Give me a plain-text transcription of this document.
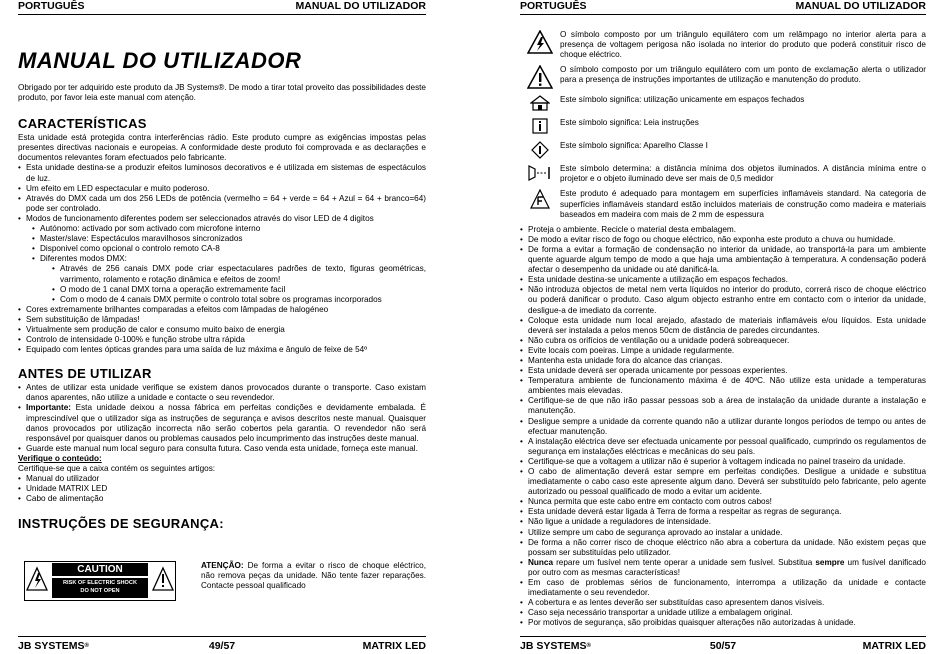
PORTUGUÊS	MANUAL DO UTILIZADOR
MANUAL DO UTILIZADOR

Obrigado por ter adquirido este produto da JB Systems®. De modo a tirar total proveito das possibilidades deste produto, por favor leia este manual com atenção.

CARACTERÍSTICAS

Esta unidade está protegida contra interferências rádio. Este produto cumpre as exigências impostas pelas presentes directivas nacionais e europeias. A conformidade deste produto foi comprovada e as declarações e documentos relevantes foram efectuados pelo fabricante.

• Esta unidade destina-se a produzir efeitos luminosos decorativos e é utilizada em sistemas de espectáculos de luz.
• Um efeito em LED espectacular e muito poderoso.
• Através do DMX cada um dos 256 LEDs de potência (vermelho = 64 + verde = 64 + Azul = 64 + branco=64) pode ser controlado.
• Modos de funcionamento diferentes podem ser seleccionados através do visor LED de 4 digitos
• Autónomo: activado por som activado com microfone interno
• Master/slave: Espectáculos maravilhosos sincronizados
• Disponivel como opcional o controlo remoto CA-8
• Diferentes modos DMX:
• Através de 256 canais DMX pode criar espectaculares padrões de texto, figuras geométricas, varrimento, rolamento e rotação dinâmica e efeitos de zoom!
• O modo de 1 canal DMX torna a operação extremamente facil
• Com o modo de 4 canais DMX permite o controlo total sobre os programas incorporados
• Cores extremamente brilhantes comparadas a efeitos com lâmpadas de halogéneo
• Sem substituição de lâmpadas!
• Virtualmente sem produção de calor e consumo muito baixo de energia
• Controlo de intensidade 0-100% e função strobe ultra rápida
• Equipado com lentes ópticas grandes para uma saída de luz máxima e ângulo de feixe de 54º
ANTES DE UTILIZAR
• Antes de utilizar esta unidade verifique se existem danos provocados durante o transporte. Caso existam danos aparentes, não utilize a unidade e contacte o seu revendedor.
• Importante: Esta unidade deixou a nossa fábrica em perfeitas condições e devidamente embalada. É imprescindível que o utilizador siga as instruções de segurança e avisos descritos neste manual. Quaisquer danos provocados por utilização incorrecta não serão cobertos pela garantia. O revendedor não será responsável por quaisquer danos ou problemas causados pelo incumprimento das instruções deste manual.
• Guarde este manual num local seguro para consulta futura. Caso venda esta unidade, forneça este manual.

Verifique o conteúdo:

Certifique-se que a caixa contém os seguintes artigos:

• Manual do utilizador
• Unidade MATRIX LED
• Cabo de alimentação
INSTRUÇÕES DE SEGURANÇA:
CAUTION
RISK OF ELECTRIC SHOCK
DO NOT OPEN
ATENÇÃO: De forma a evitar o risco de choque eléctrico, não remova peças da unidade. Não tente fazer reparações. Contacte pessoal qualificado
JB SYSTEMS®	49/57	MATRIX LED
PORTUGUÊS	MANUAL DO UTILIZADOR
O símbolo composto por um triângulo equilátero com um relâmpago no interior alerta para a presença de voltagem perigosa não isolada no interior do produto que poderá constituir risco de choque eléctrico.
O símbolo composto por um triângulo equilátero com um ponto de exclamação alerta o utilizador para a presença de instruções importantes de utilização e manutenção do produto.
Este símbolo significa: utilização unicamente em espaços fechados
Este símbolo significa: Leia instruções
Este símbolo significa: Aparelho Classe I
Este símbolo determina: a distância mínima dos objetos iluminados. A distância mínima entre o projetor e o objeto iluminado deve ser mais de 0,5 medidor
Este produto é adequado para montagem em superfícies inflamáveis standard. Na categoria de superfícies inflamáveis standard estão incluidos materiais de construção como madeira e materiais baseados em madeira com mais de 2 mm de espessura
• Proteja o ambiente. Recicle o material desta embalagem.
• De modo a evitar risco de fogo ou choque eléctrico, não exponha este produto a chuva ou humidade.
• De forma a evitar a formação de condensação no interior da unidade, ao transportá-la para um ambiente quente aguarde algum tempo de modo a que haja uma ambientação à temperatura. A condensação poderá afectar o desempenho da unidade ou até danificá-la.
• Esta unidade destina-se unicamente a utilização em espaços fechados.
• Não introduza objectos de metal nem verta líquidos no interior do produto, correrá risco de choque eléctrico ou poderá danificar o produto. Caso algum objecto estranho entre em contacto com o interior da unidade, desligue-a de imediato da corrente.
• Coloque esta unidade num local arejado, afastado de materiais inflamáveis e/ou líquidos. Esta unidade deverá ser instalada a pelos menos 50cm de distância de paredes circundantes.
• Não cubra os orifícios de ventilação ou a unidade poderá sobreaquecer.
• Evite locais com poeiras. Limpe a unidade regularmente.
• Mantenha esta unidade fora do alcance das crianças.
• Esta unidade deverá ser operada unicamente por pessoas experientes.
• Temperatura ambiente de funcionamento máxima é de 40ºC. Não utilize esta unidade a temperaturas ambientes mais elevadas.
• Certifique-se de que não irão passar pessoas sob a área de instalação da unidade durante a instalação e manutenção.
• Desligue sempre a unidade da corrente quando não a utilizar durante longos períodos de tempo ou antes de efectuar manutenção.
• A instalação eléctrica deve ser efectuada unicamente por pessoal qualificado, cumprindo os regulamentos de segurança em instalações eléctricas e mecânicas do seu país.
• Certifique-se que a voltagem a utilizar não é superior à voltagem indicada no painel traseiro da unidade.
• O cabo de alimentação deverá estar sempre em perfeitas condições. Desligue a unidade e substitua imediatamente o cabo caso este apresente algum dano. Deverá ser substituído pelo fabricante, pelo agente autorizado ou pessoal qualificado de modo a evitar um acidente.
• Nunca permita que este cabo entre em contacto com outros cabos!
• Esta unidade deverá estar ligada à Terra de forma a respeitar as regras de segurança.
• Não ligue a unidade a reguladores de intensidade.
• Utilize sempre um cabo de segurança aprovado ao instalar a unidade.
• De forma a não correr risco de choque eléctrico não abra a cobertura da unidade. Não existem peças que possam ser substituídas pelo utilizador.
• Nunca repare um fusível nem tente operar a unidade sem fusível. Substitua sempre um fusível danificado por outro com as mesmas características!
• Em caso de problemas sérios de funcionamento, interrompa a utilização da unidade e contacte imediatamente o seu revendedor.
• A cobertura e as lentes deverão ser substituídas caso apresentem danos visíveis.
• Caso seja necessário transportar a unidade utilize a embalagem original.
• Por motivos de segurança, são proibidas quaisquer alterações não autorizadas à unidade.
JB SYSTEMS®	50/57	MATRIX LED
